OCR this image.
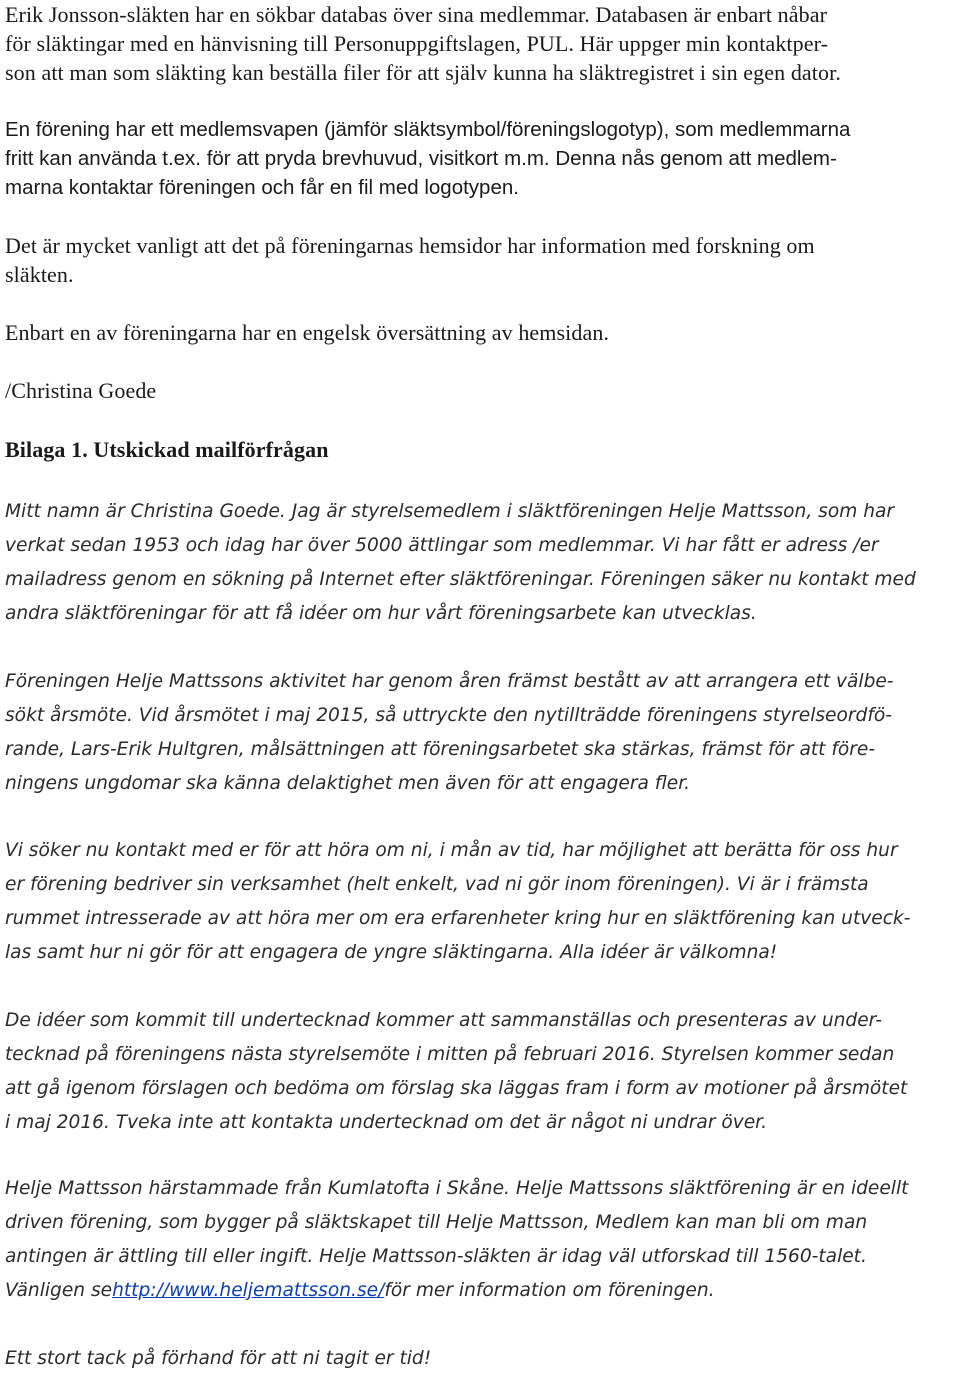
Erik Jonsson-släkten har en sökbar databas över sina medlemmar. Databasen är enbart nåbar
för släktingar med en hänvisning till Personuppgiftslagen, PUL. Här uppger min kontaktper-
son att man som släkting kan beställa filer för att själv kunna ha släktregistret i sin egen dator.
En förening har ett medlemsvapen (jämför släktsymbol/föreningslogotyp), som medlemmarna
fritt kan använda t.ex. för att pryda brevhuvud, visitkort m.m. Denna nås genom att medlem-
marna kontaktar föreningen och får en fil med logotypen.
Det är mycket vanligt att det på föreningarnas hemsidor har information med forskning om
släkten.
Enbart en av föreningarna har en engelsk översättning av hemsidan.
/Christina Goede
Bilaga 1. Utskickad mailförfrågan
Mitt namn är Christina Goede. Jag är styrelsemedlem i släktföreningen Helje Mattsson, som har
verkat sedan 1953 och idag har över 5000 ättlingar som medlemmar. Vi har fått er adress /er
mailadress genom en sökning på Internet efter släktföreningar. Föreningen säker nu kontakt med
andra släktföreningar för att få idéer om hur vårt föreningsarbete kan utvecklas.
Föreningen Helje Mattssons aktivitet har genom åren främst bestått av att arrangera ett välbe-
sökt årsmöte. Vid årsmötet i maj 2015, så uttryckte den nytillträdde föreningens styrelseordfö-
rande, Lars-Erik Hultgren, målsättningen att föreningsarbetet ska stärkas, främst för att före-
ningens ungdomar ska känna delaktighet men även för att engagera fler.
Vi söker nu kontakt med er för att höra om ni, i mån av tid, har möjlighet att berätta för oss hur
er förening bedriver sin verksamhet (helt enkelt, vad ni gör inom föreningen). Vi är i främsta
rummet intresserade av att höra mer om era erfarenheter kring hur en släktförening kan utveck-
las samt hur ni gör för att engagera de yngre släktingarna. Alla idéer är välkomna!
De idéer som kommit till undertecknad kommer att sammanställas och presenteras av under-
tecknad på föreningens nästa styrelsemöte i mitten på februari 2016. Styrelsen kommer sedan
att gå igenom förslagen och bedöma om förslag ska läggas fram i form av motioner på årsmötet
i maj 2016. Tveka inte att kontakta undertecknad om det är något ni undrar över.
Helje Mattsson härstammade från Kumlatofta i Skåne. Helje Mattssons släktförening är en ideellt
driven förening, som bygger på släktskapet till Helje Mattsson, Medlem kan man bli om man
antingen är ättling till eller ingift. Helje Mattsson-släkten är idag väl utforskad till 1560-talet.
Vänligen sehttp://www.heljemattsson.se/för mer information om föreningen.
Ett stort tack på förhand för att ni tagit er tid!
